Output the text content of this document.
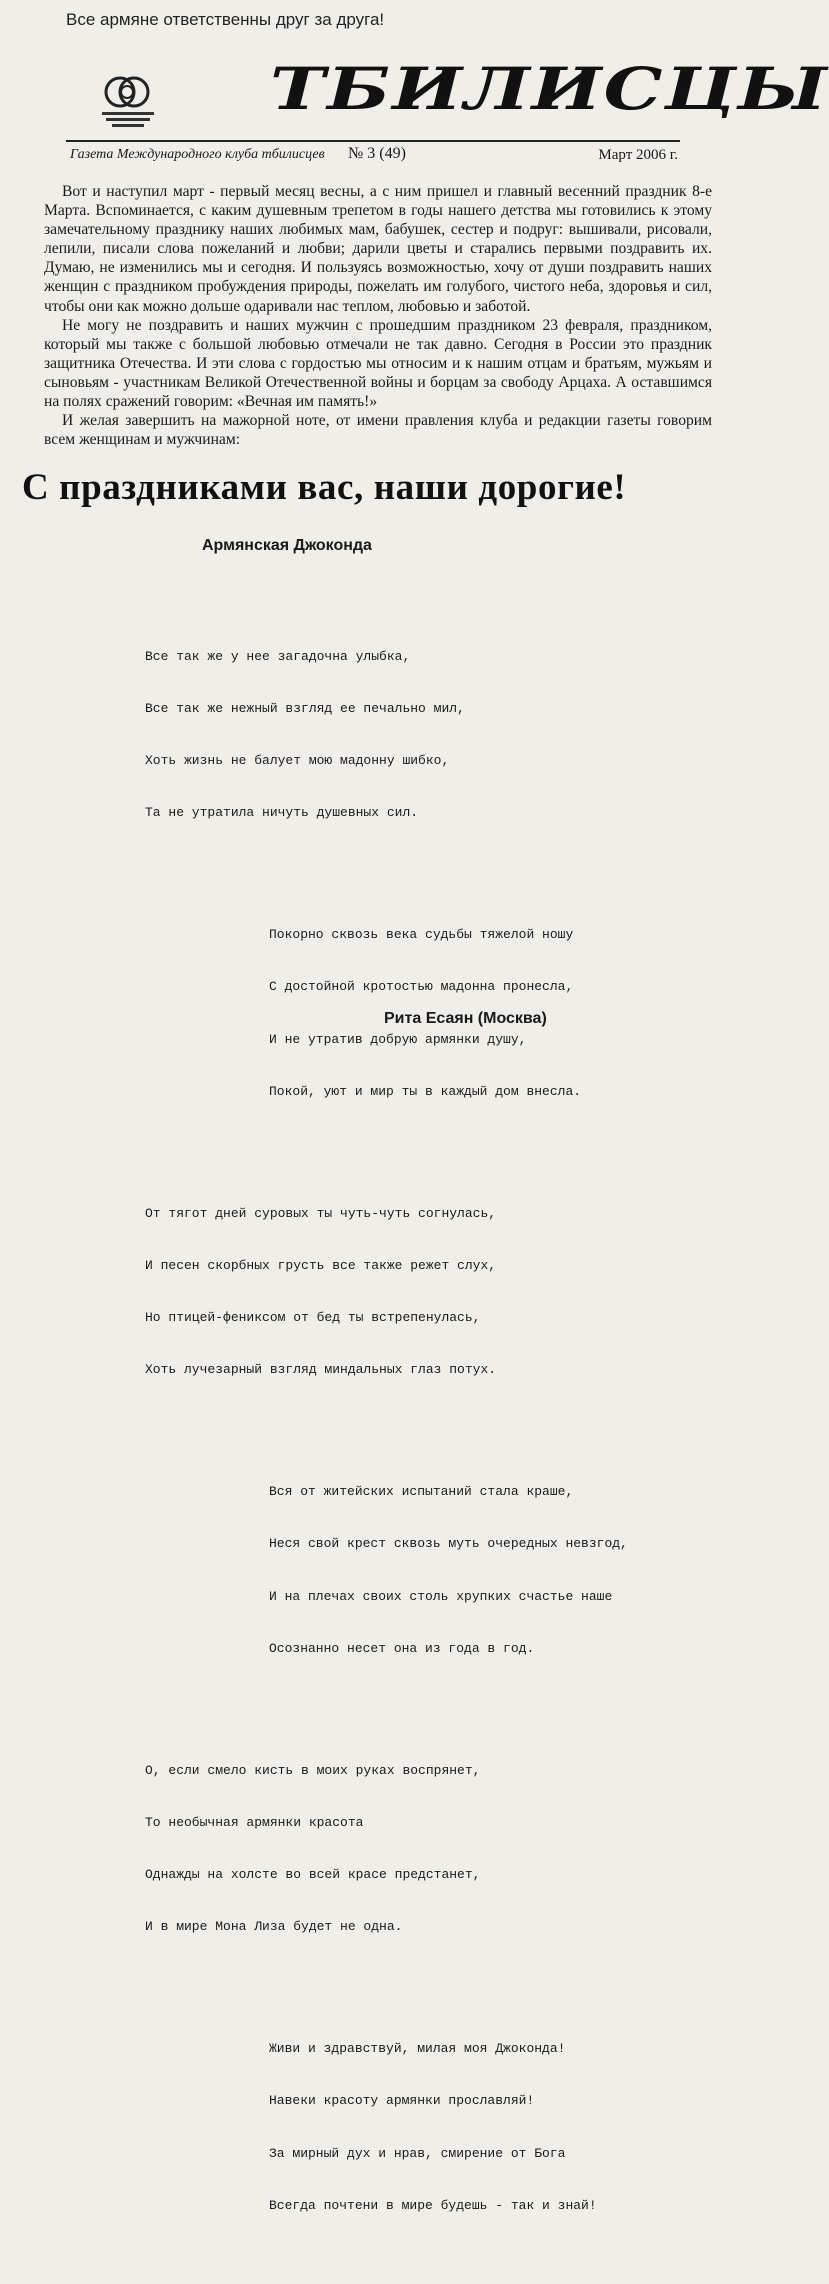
Все армяне ответственны друг за друга!
ТБИЛИСЦЫ
Газета Международного клуба тбилисцев № 3 (49)	Март 2006 г.

Вот и наступил март - первый месяц весны, а с ним пришел и главный весенний праздник 8-е Марта. Вспоминается, с каким душевным трепетом в годы нашего детства мы готовились к этому замечательному празднику наших любимых мам, бабушек, сестер и подруг: вышивали, рисовали, лепили, писали слова пожеланий и любви; дарили цветы и старались первыми поздравить их. Думаю, не изменились мы и сегодня. И пользуясь возможностью, хочу от души поздравить наших женщин с праздником пробуждения природы, пожелать им голубого, чистого неба, здоровья и сил, чтобы они как можно дольше одаривали нас теплом, любовью и заботой.

Не могу не поздравить и наших мужчин с прошедшим праздником 23 февраля, праздником, который мы также с большой любовью отмечали не так давно. Сегодня в России это праздник защитника Отечества. И эти слова с гордостью мы относим и к нашим отцам и братьям, мужьям и сыновьям - участникам Великой Отечественной войны и борцам за свободу Арцаха. А оставшимся на полях сражений говорим: «Вечная им память!»

И желая завершить на мажорной ноте, от имени правления клуба и редакции газеты говорим всем женщинам и мужчинам:

С праздниками вас, наши дорогие!
Армянская Джоконда

Все так же у нее загадочна улыбка,

Все так же нежный взгляд ее печально мил,

Хоть жизнь не балует мою мадонну шибко,

Та не утратила ничуть душевных сил.

Покорно сквозь века судьбы тяжелой ношу

С достойной кротостью мадонна пронесла,

И не утратив добрую армянки душу,

Покой, уют и мир ты в каждый дом внесла.

От тягот дней суровых ты чуть-чуть согнулась,

И песен скорбных грусть все также режет слух,

Но птицей-фениксом от бед ты встрепенулась,

Хоть лучезарный взгляд миндальных глаз потух.

Вся от житейских испытаний стала краше,

Неся свой крест сквозь муть очередных невзгод,

И на плечах своих столь хрупких счастье наше

Осознанно несет она из года в год.

О, если смело кисть в моих руках воспрянет,

То необычная армянки красота

Однажды на холсте во всей красе предстанет,

И в мире Мона Лиза будет не одна.

Живи и здравствуй, милая моя Джоконда!

Навеки красоту армянки прославляй!

За мирный дух и нрав, смирение от Бога

Всегда почтени в мире будешь - так и знай!

Рита Есаян (Москва)
